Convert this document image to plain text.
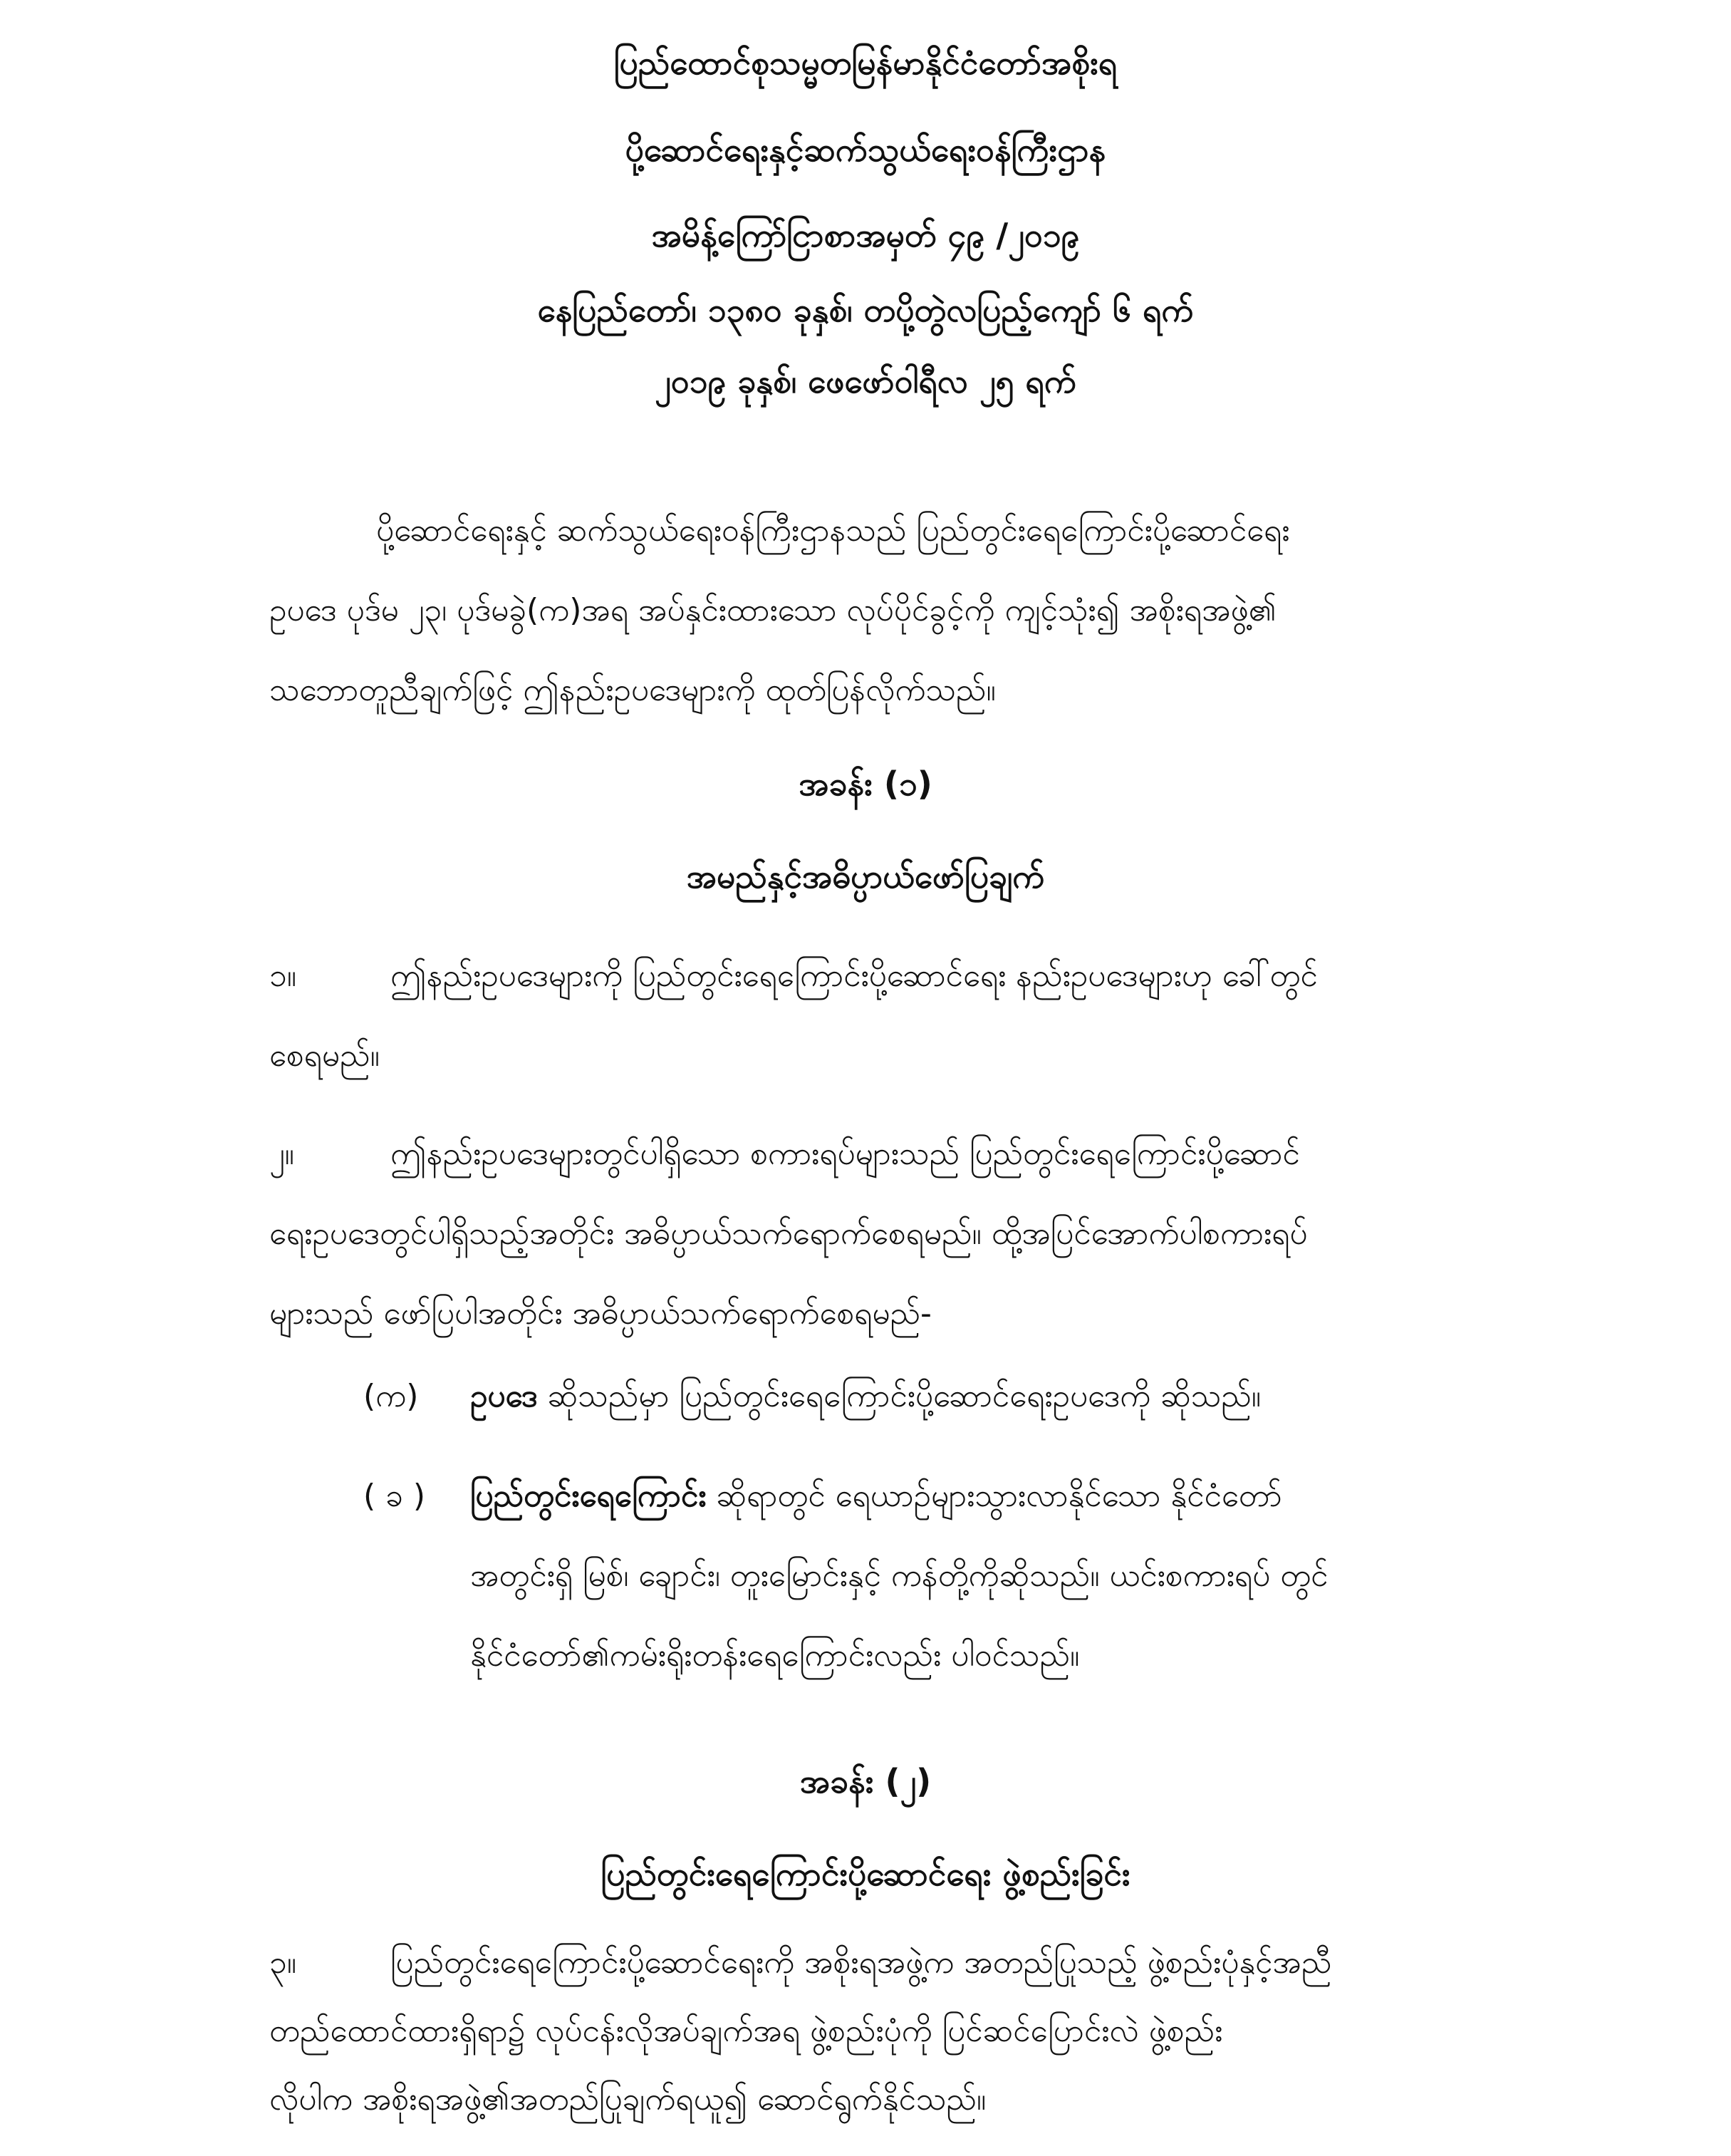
ပြည်ထောင်စုသမ္မတမြန်မာနိုင်ငံတော်အစိုးရ
ပို့ဆောင်ရေးနှင့်ဆက်သွယ်ရေးဝန်ကြီးဌာန
အမိန့်ကြော်ငြာစာအမှတ် ၄၉ /၂၀၁၉
နေပြည်တော်၊ ၁၃၈၀ ခုနှစ်၊ တပို့တွဲလပြည့်ကျော် ၆ ရက်
၂၀၁၉ ခုနှစ်၊ ဖေဖော်ဝါရီလ ၂၅ ရက်
ပို့ဆောင်ရေးနှင့် ဆက်သွယ်ရေးဝန်ကြီးဌာနသည် ပြည်တွင်းရေကြောင်းပို့ဆောင်ရေး
ဥပဒေ ပုဒ်မ ၂၃၊ ပုဒ်မခွဲ(က)အရ အပ်နှင်းထားသော လုပ်ပိုင်ခွင့်ကို ကျင့်သုံး၍ အစိုးရအဖွဲ့၏
သဘောတူညီချက်ဖြင့် ဤနည်းဥပဒေများကို ထုတ်ပြန်လိုက်သည်။
အခန်း (၁)
အမည်နှင့်အဓိပ္ပာယ်ဖော်ပြချက်
၁။	ဤနည်းဥပဒေများကို ပြည်တွင်းရေကြောင်းပို့ဆောင်ရေး နည်းဥပဒေများဟု ခေါ်တွင်
စေရမည်။
၂။	ဤနည်းဥပဒေများတွင်ပါရှိသော စကားရပ်များသည် ပြည်တွင်းရေကြောင်းပို့ဆောင်
ရေးဥပဒေတွင်ပါရှိသည့်အတိုင်း အဓိပ္ပာယ်သက်ရောက်စေရမည်။ ထို့အပြင်အောက်ပါစကားရပ်
များသည် ဖော်ပြပါအတိုင်း အဓိပ္ပာယ်သက်ရောက်စေရမည်-
(က)	ဥပဒေ ဆိုသည်မှာ ပြည်တွင်းရေကြောင်းပို့ဆောင်ရေးဥပဒေကို ဆိုသည်။
( ခ )	ပြည်တွင်းရေကြောင်း ဆိုရာတွင် ရေယာဉ်များသွားလာနိုင်သော နိုင်ငံတော်
အတွင်းရှိ မြစ်၊ ချောင်း၊ တူးမြောင်းနှင့် ကန်တို့ကိုဆိုသည်။ ယင်းစကားရပ် တွင်
နိုင်ငံတော်၏ကမ်းရိုးတန်းရေကြောင်းလည်း ပါဝင်သည်။
အခန်း (၂)
ပြည်တွင်းရေကြောင်းပို့ဆောင်ရေး ဖွဲ့စည်းခြင်း
၃။	ပြည်တွင်းရေကြောင်းပို့ဆောင်ရေးကို အစိုးရအဖွဲ့က အတည်ပြုသည့် ဖွဲ့စည်းပုံနှင့်အညီ
တည်ထောင်ထားရှိရာ၌ လုပ်ငန်းလိုအပ်ချက်အရ ဖွဲ့စည်းပုံကို ပြင်ဆင်ပြောင်းလဲ ဖွဲ့စည်း
လိုပါက အစိုးရအဖွဲ့၏အတည်ပြုချက်ရယူ၍ ဆောင်ရွက်နိုင်သည်။
